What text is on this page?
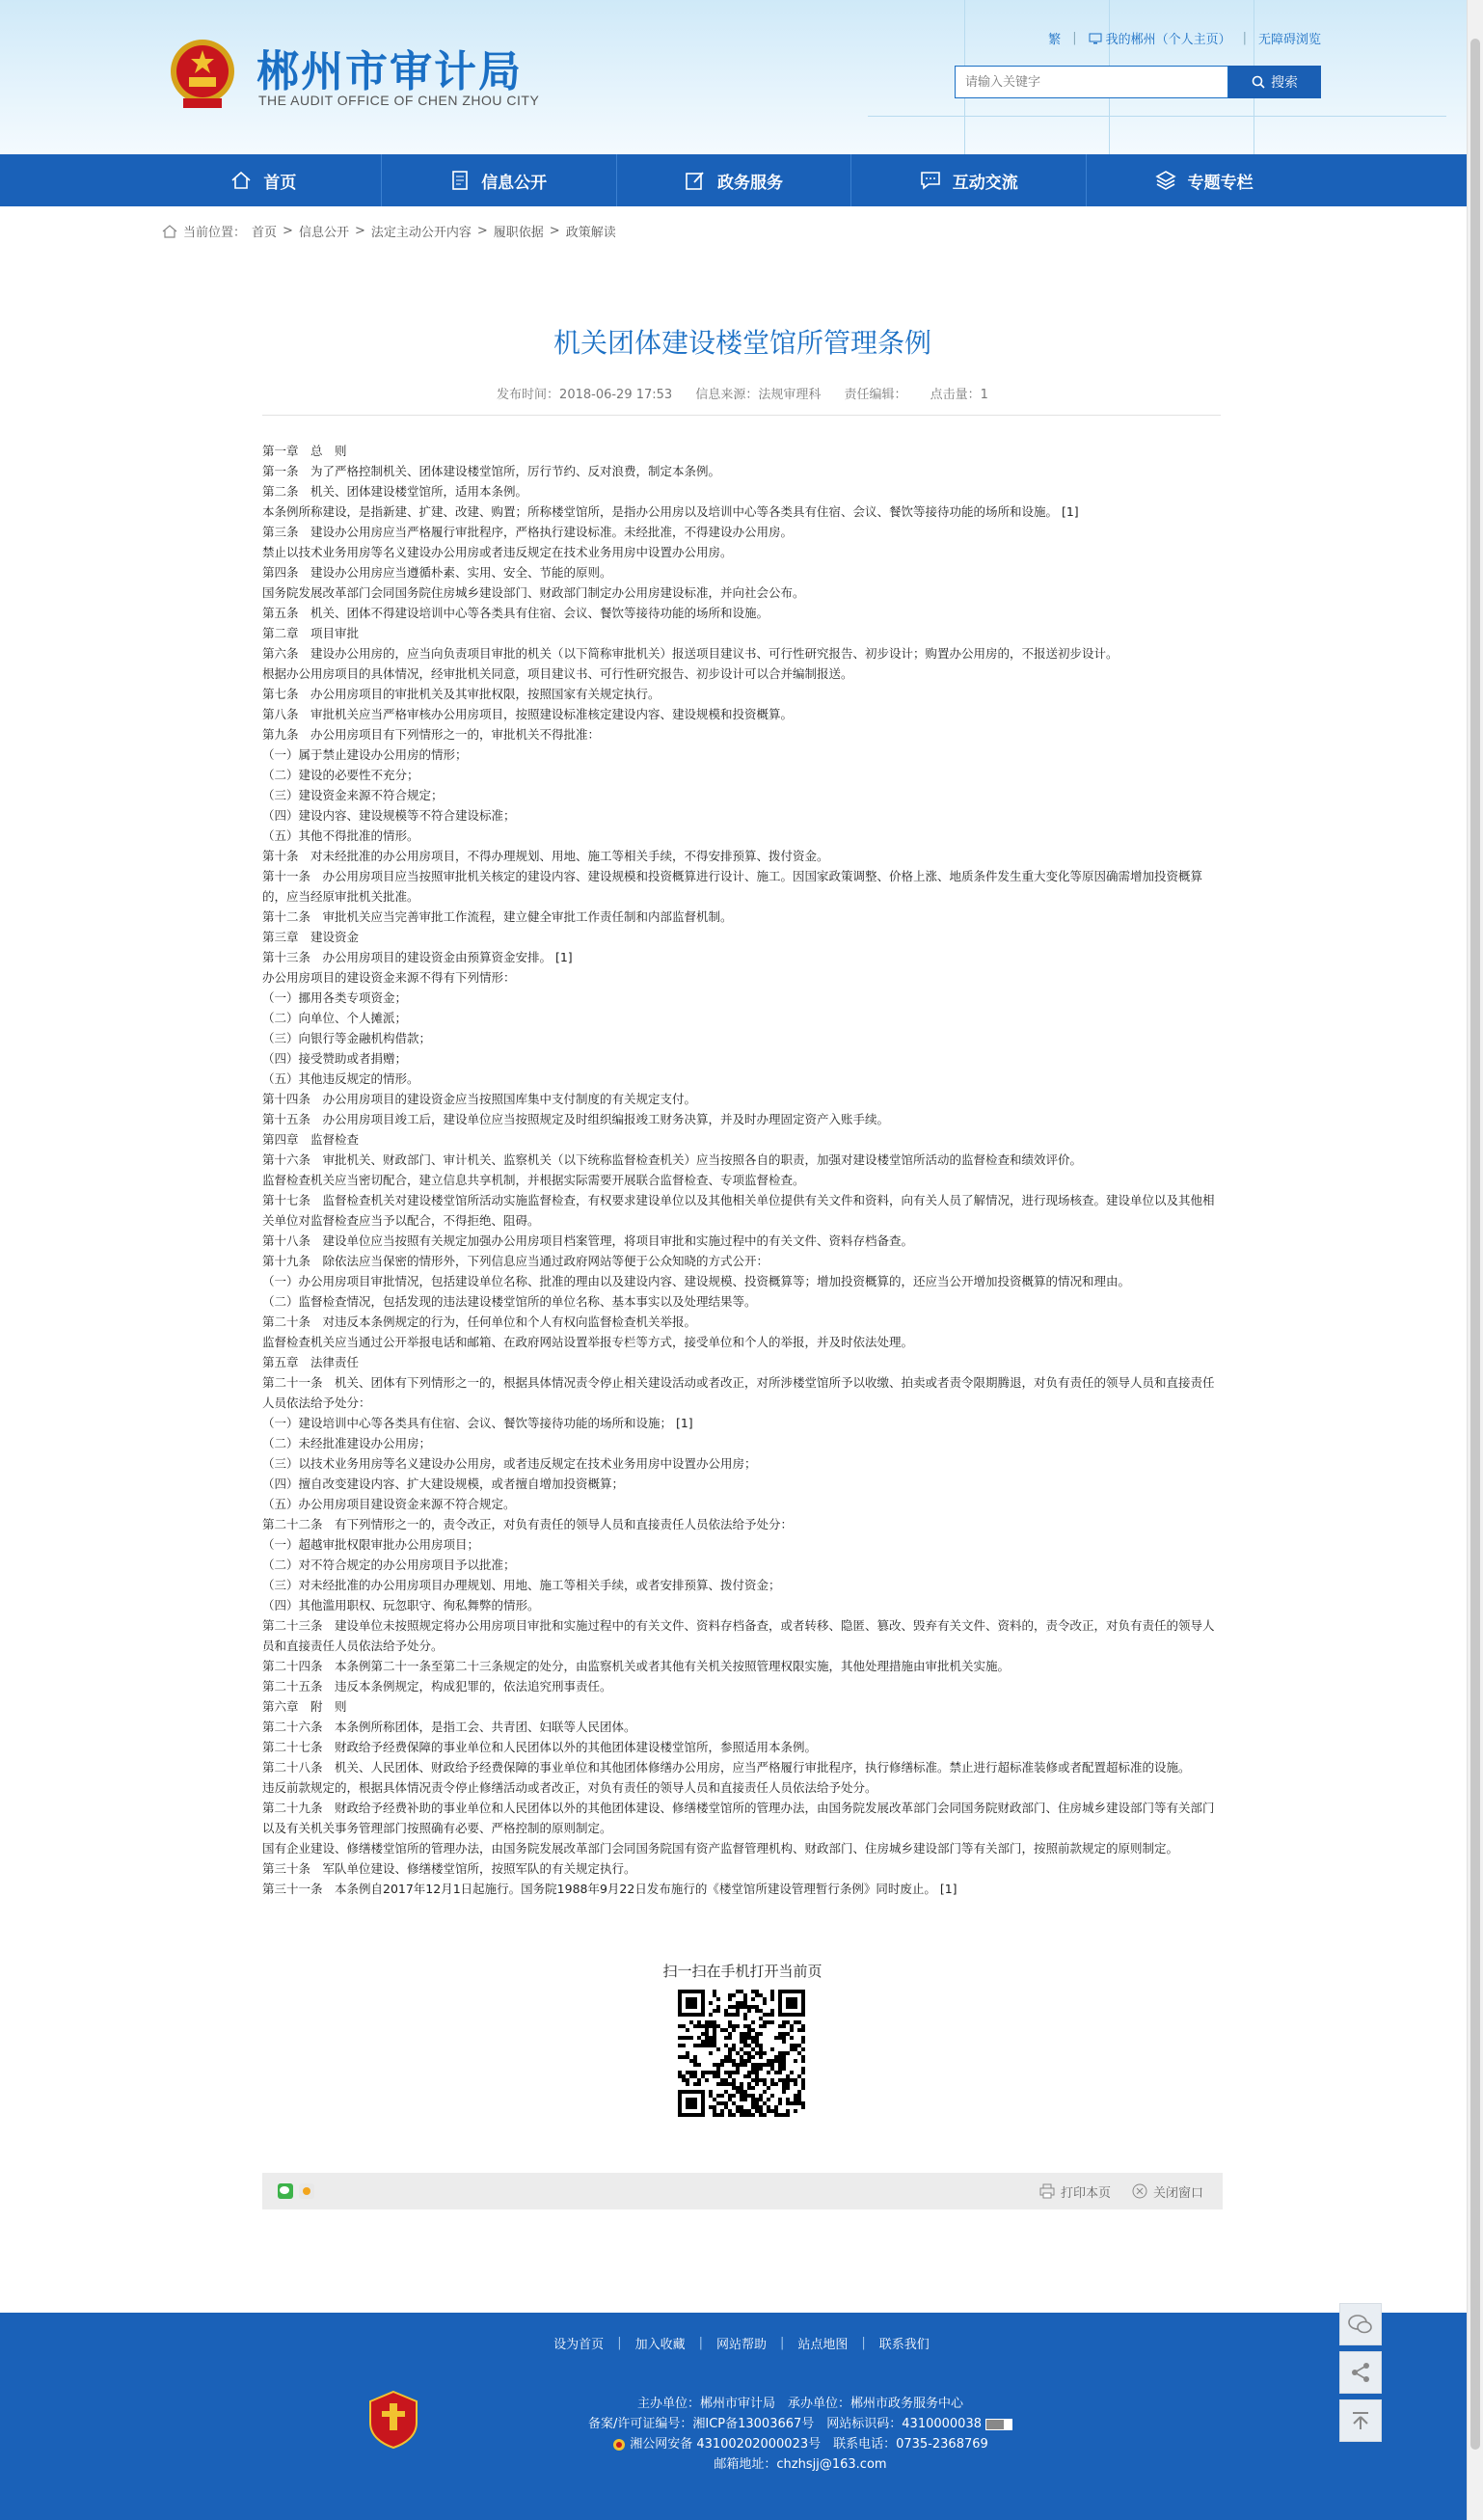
郴州市审计局
THE AUDIT OFFICE OF CHEN ZHOU CITY
繁 | 我的郴州（个人主页） | 无障碍浏览
请输入关键字
搜索
首页	信息公开	政务服务	互动交流	专题专栏
当前位置： 首页 > 信息公开 > 法定主动公开内容 > 履职依据 > 政策解读
机关团体建设楼堂馆所管理条例
发布时间：2018-06-29 17:53 信息来源：法规审理科 责任编辑： 点击量：1

第一章　总　则

第一条　为了严格控制机关、团体建设楼堂馆所，厉行节约、反对浪费，制定本条例。

第二条　机关、团体建设楼堂馆所，适用本条例。

本条例所称建设，是指新建、扩建、改建、购置；所称楼堂馆所，是指办公用房以及培训中心等各类具有住宿、会议、餐饮等接待功能的场所和设施。 [1]

第三条　建设办公用房应当严格履行审批程序，严格执行建设标准。未经批准，不得建设办公用房。

禁止以技术业务用房等名义建设办公用房或者违反规定在技术业务用房中设置办公用房。

第四条　建设办公用房应当遵循朴素、实用、安全、节能的原则。

国务院发展改革部门会同国务院住房城乡建设部门、财政部门制定办公用房建设标准，并向社会公布。

第五条　机关、团体不得建设培训中心等各类具有住宿、会议、餐饮等接待功能的场所和设施。

第二章　项目审批

第六条　建设办公用房的，应当向负责项目审批的机关（以下简称审批机关）报送项目建议书、可行性研究报告、初步设计；购置办公用房的，不报送初步设计。

根据办公用房项目的具体情况，经审批机关同意，项目建议书、可行性研究报告、初步设计可以合并编制报送。

第七条　办公用房项目的审批机关及其审批权限，按照国家有关规定执行。

第八条　审批机关应当严格审核办公用房项目，按照建设标准核定建设内容、建设规模和投资概算。

第九条　办公用房项目有下列情形之一的，审批机关不得批准：

（一）属于禁止建设办公用房的情形；

（二）建设的必要性不充分；

（三）建设资金来源不符合规定；

（四）建设内容、建设规模等不符合建设标准；

（五）其他不得批准的情形。

第十条　对未经批准的办公用房项目，不得办理规划、用地、施工等相关手续，不得安排预算、拨付资金。

第十一条　办公用房项目应当按照审批机关核定的建设内容、建设规模和投资概算进行设计、施工。因国家政策调整、价格上涨、地质条件发生重大变化等原因确需增加投资概算的，应当经原审批机关批准。

第十二条　审批机关应当完善审批工作流程，建立健全审批工作责任制和内部监督机制。

第三章　建设资金

第十三条　办公用房项目的建设资金由预算资金安排。 [1]

办公用房项目的建设资金来源不得有下列情形：

（一）挪用各类专项资金；

（二）向单位、个人摊派；

（三）向银行等金融机构借款；

（四）接受赞助或者捐赠；

（五）其他违反规定的情形。

第十四条　办公用房项目的建设资金应当按照国库集中支付制度的有关规定支付。

第十五条　办公用房项目竣工后，建设单位应当按照规定及时组织编报竣工财务决算，并及时办理固定资产入账手续。

第四章　监督检查

第十六条　审批机关、财政部门、审计机关、监察机关（以下统称监督检查机关）应当按照各自的职责，加强对建设楼堂馆所活动的监督检查和绩效评价。

监督检查机关应当密切配合，建立信息共享机制，并根据实际需要开展联合监督检查、专项监督检查。

第十七条　监督检查机关对建设楼堂馆所活动实施监督检查，有权要求建设单位以及其他相关单位提供有关文件和资料，向有关人员了解情况，进行现场核查。建设单位以及其他相关单位对监督检查应当予以配合，不得拒绝、阻碍。

第十八条　建设单位应当按照有关规定加强办公用房项目档案管理，将项目审批和实施过程中的有关文件、资料存档备查。

第十九条　除依法应当保密的情形外，下列信息应当通过政府网站等便于公众知晓的方式公开：

（一）办公用房项目审批情况，包括建设单位名称、批准的理由以及建设内容、建设规模、投资概算等；增加投资概算的，还应当公开增加投资概算的情况和理由。

（二）监督检查情况，包括发现的违法建设楼堂馆所的单位名称、基本事实以及处理结果等。

第二十条　对违反本条例规定的行为，任何单位和个人有权向监督检查机关举报。

监督检查机关应当通过公开举报电话和邮箱、在政府网站设置举报专栏等方式，接受单位和个人的举报，并及时依法处理。

第五章　法律责任

第二十一条　机关、团体有下列情形之一的，根据具体情况责令停止相关建设活动或者改正，对所涉楼堂馆所予以收缴、拍卖或者责令限期腾退，对负有责任的领导人员和直接责任人员依法给予处分：

（一）建设培训中心等各类具有住宿、会议、餐饮等接待功能的场所和设施； [1]

（二）未经批准建设办公用房；

（三）以技术业务用房等名义建设办公用房，或者违反规定在技术业务用房中设置办公用房；

（四）擅自改变建设内容、扩大建设规模，或者擅自增加投资概算；

（五）办公用房项目建设资金来源不符合规定。

第二十二条　有下列情形之一的，责令改正，对负有责任的领导人员和直接责任人员依法给予处分：

（一）超越审批权限审批办公用房项目；

（二）对不符合规定的办公用房项目予以批准；

（三）对未经批准的办公用房项目办理规划、用地、施工等相关手续，或者安排预算、拨付资金；

（四）其他滥用职权、玩忽职守、徇私舞弊的情形。

第二十三条　建设单位未按照规定将办公用房项目审批和实施过程中的有关文件、资料存档备查，或者转移、隐匿、篡改、毁弃有关文件、资料的，责令改正，对负有责任的领导人员和直接责任人员依法给予处分。

第二十四条　本条例第二十一条至第二十三条规定的处分，由监察机关或者其他有关机关按照管理权限实施，其他处理措施由审批机关实施。

第二十五条　违反本条例规定，构成犯罪的，依法追究刑事责任。

第六章　附　则

第二十六条　本条例所称团体，是指工会、共青团、妇联等人民团体。

第二十七条　财政给予经费保障的事业单位和人民团体以外的其他团体建设楼堂馆所，参照适用本条例。

第二十八条　机关、人民团体、财政给予经费保障的事业单位和其他团体修缮办公用房，应当严格履行审批程序，执行修缮标准。禁止进行超标准装修或者配置超标准的设施。

违反前款规定的，根据具体情况责令停止修缮活动或者改正，对负有责任的领导人员和直接责任人员依法给予处分。

第二十九条　财政给予经费补助的事业单位和人民团体以外的其他团体建设、修缮楼堂馆所的管理办法，由国务院发展改革部门会同国务院财政部门、住房城乡建设部门等有关部门以及有关机关事务管理部门按照确有必要、严格控制的原则制定。

国有企业建设、修缮楼堂馆所的管理办法，由国务院发展改革部门会同国务院国有资产监督管理机构、财政部门、住房城乡建设部门等有关部门，按照前款规定的原则制定。

第三十条　军队单位建设、修缮楼堂馆所，按照军队的有关规定执行。

第三十一条　本条例自2017年12月1日起施行。国务院1988年9月22日发布施行的《楼堂馆所建设管理暂行条例》同时废止。 [1]

扫一扫在手机打开当前页
打印本页	关闭窗口
设为首页 | 加入收藏 | 网站帮助 | 站点地图 | 联系我们
主办单位：郴州市审计局　承办单位：郴州市政务服务中心
备案/许可证编号：湘ICP备13003667号　网站标识码：4310000038
湘公网安备 43100202000023号　联系电话：0735-2368769
邮箱地址：chzhsjj@163.com
